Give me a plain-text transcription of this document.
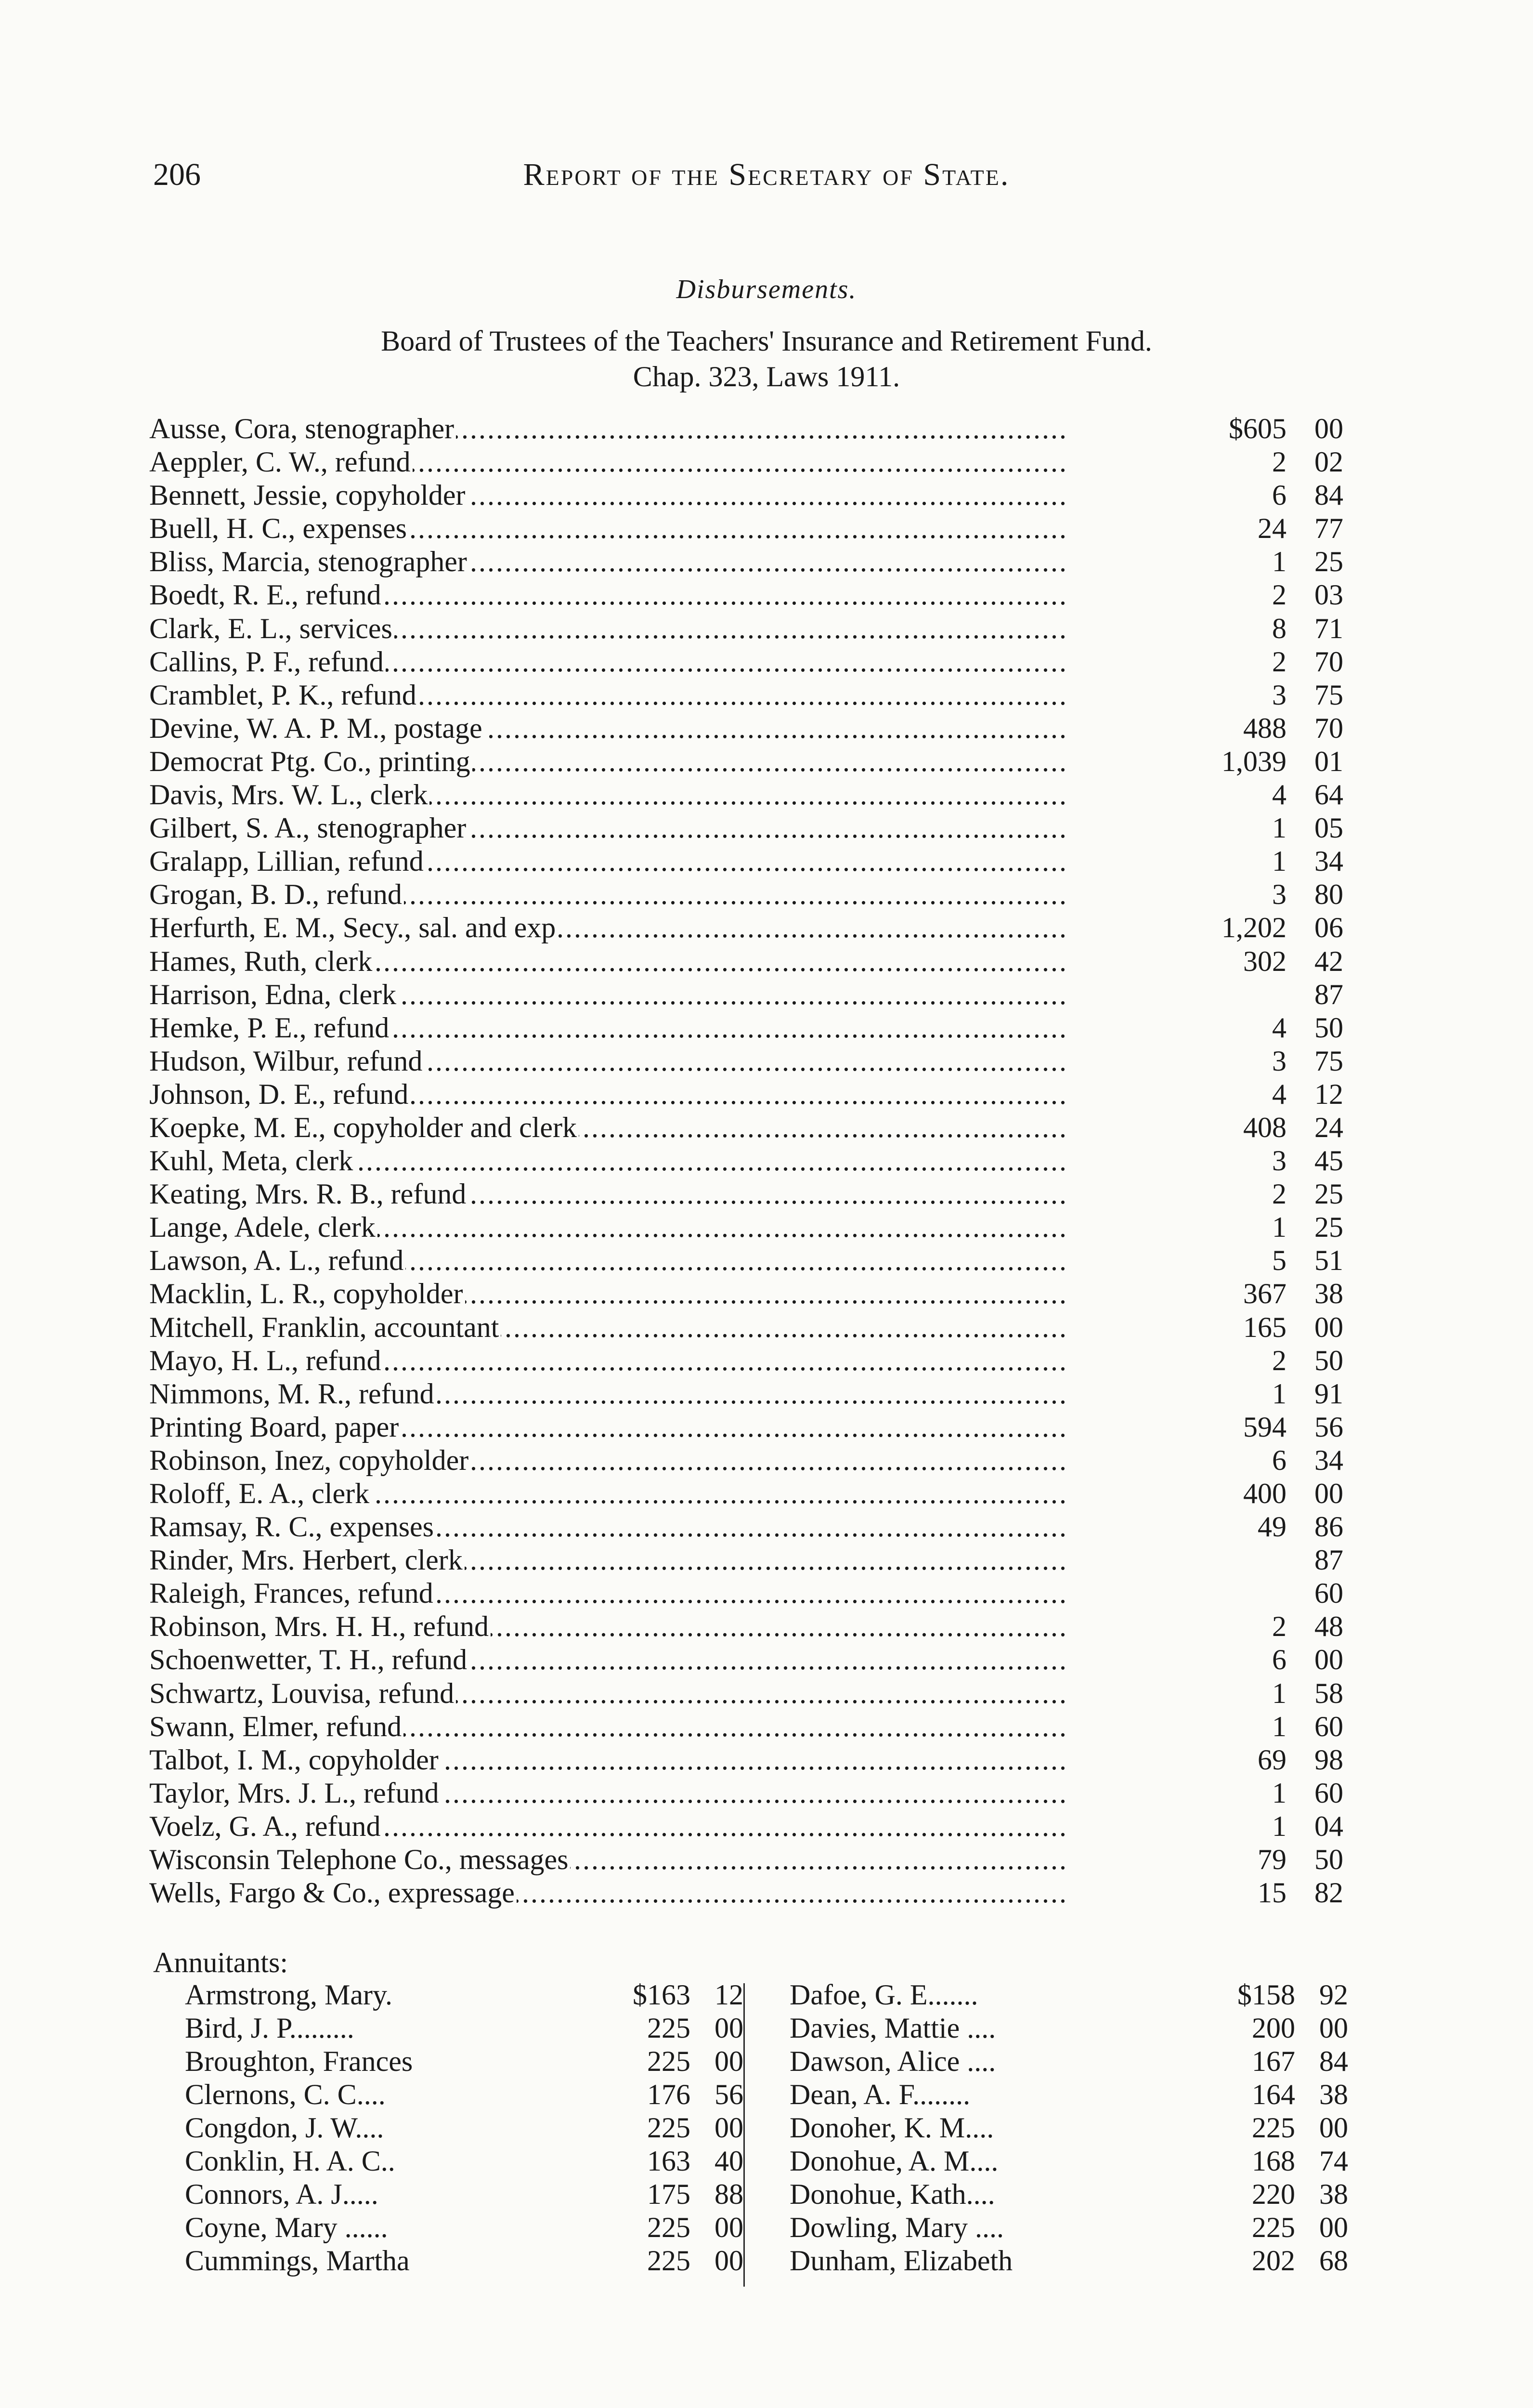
206	Report of the Secretary of State.
Disbursements.
Board of Trustees of the Teachers' Insurance and Retirement Fund.
Chap. 323, Laws 1911.
. . . Ausse, Cora, stenographer	$605 00
. . . Aeppler, C. W., refund	2 02
. . . Bennett, Jessie, copyholder	6 84
. . . Buell, H. C., expenses	24 77
. . . Bliss, Marcia, stenographer	1 25
. . . Boedt, R. E., refund	2 03
. . . Clark, E. L., services	8 71
. . . Callins, P. F., refund	2 70
. . . Cramblet, P. K., refund	3 75
. . . Devine, W. A. P. M., postage	488 70
. . . Democrat Ptg. Co., printing	1,039 01
. . . Davis, Mrs. W. L., clerk	4 64
. . . Gilbert, S. A., stenographer	1 05
. . . Gralapp, Lillian, refund	1 34
. . . Grogan, B. D., refund	3 80
. . . Herfurth, E. M., Secy., sal. and exp	1,202 06
. . . Hames, Ruth, clerk	302 42
. . . Harrison, Edna, clerk	87
. . . Hemke, P. E., refund	4 50
. . . Hudson, Wilbur, refund	3 75
. . . Johnson, D. E., refund	4 12
. . . Koepke, M. E., copyholder and clerk	408 24
. . . Kuhl, Meta, clerk	3 45
. . . Keating, Mrs. R. B., refund	2 25
. . . Lange, Adele, clerk	1 25
. . . Lawson, A. L., refund	5 51
. . . Macklin, L. R., copyholder	367 38
. . . Mitchell, Franklin, accountant	165 00
. . . Mayo, H. L., refund	2 50
. . . Nimmons, M. R., refund	1 91
. . . Printing Board, paper	594 56
. . . Robinson, Inez, copyholder	6 34
. . . Roloff, E. A., clerk	400 00
. . . Ramsay, R. C., expenses	49 86
. . . Rinder, Mrs. Herbert, clerk	87
. . . Raleigh, Frances, refund	60
. . . Robinson, Mrs. H. H., refund	2 48
. . . Schoenwetter, T. H., refund	6 00
. . . Schwartz, Louvisa, refund	1 58
. . . Swann, Elmer, refund	1 60
. . . Talbot, I. M., copyholder	69 98
. . . Taylor, Mrs. J. L., refund	1 60
. . . Voelz, G. A., refund	1 04
. . . Wisconsin Telephone Co., messages	79 50
. . . Wells, Fargo & Co., expressage	15 82
Annuitants:
Armstrong, Mary.	$163 12
Bird, J. P.........	225 00
Broughton, Frances	225 00
Clernons, C. C....	176 56
Congdon, J. W....	225 00
Conklin, H. A. C..	163 40
Connors, A. J.....	175 88
Coyne, Mary ......	225 00
Cummings, Martha	225 00
Dafoe, G. E.......	$158 92
Davies, Mattie ....	200 00
Dawson, Alice ....	167 84
Dean, A. F........	164 38
Donoher, K. M....	225 00
Donohue, A. M....	168 74
Donohue, Kath....	220 38
Dowling, Mary ....	225 00
Dunham, Elizabeth	202 68
